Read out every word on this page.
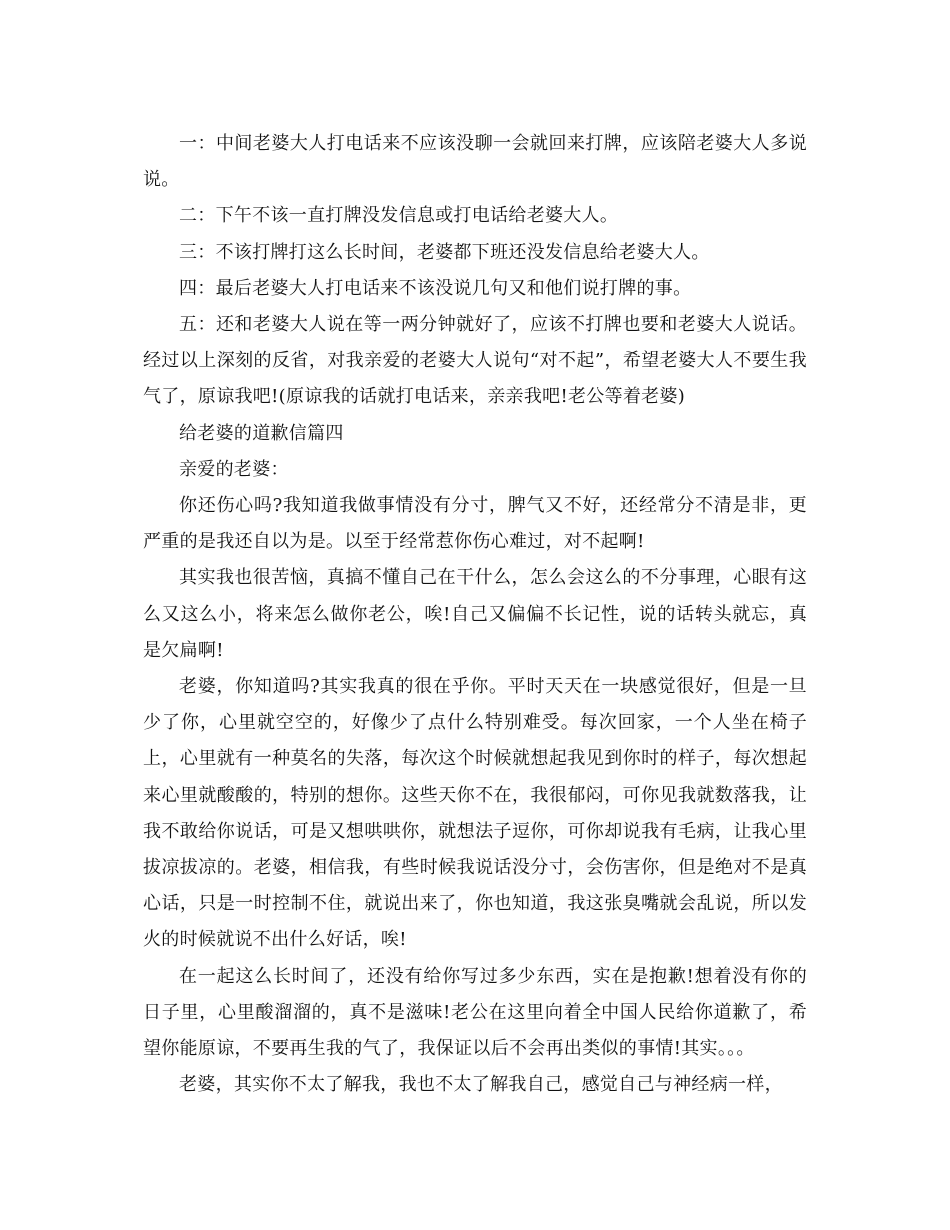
一：中间老婆大人打电话来不应该没聊一会就回来打牌，应该陪老婆大人多说说。

二：下午不该一直打牌没发信息或打电话给老婆大人。

三：不该打牌打这么长时间，老婆都下班还没发信息给老婆大人。

四：最后老婆大人打电话来不该没说几句又和他们说打牌的事。

五：还和老婆大人说在等一两分钟就好了，应该不打牌也要和老婆大人说话。经过以上深刻的反省，对我亲爱的老婆大人说句“对不起”，希望老婆大人不要生我气了，原谅我吧!(原谅我的话就打电话来，亲亲我吧!老公等着老婆)

给老婆的道歉信篇四

亲爱的老婆：

你还伤心吗?我知道我做事情没有分寸，脾气又不好，还经常分不清是非，更严重的是我还自以为是。以至于经常惹你伤心难过，对不起啊!

其实我也很苦恼，真搞不懂自己在干什么，怎么会这么的不分事理，心眼有这么又这么小，将来怎么做你老公，唉!自己又偏偏不长记性，说的话转头就忘，真是欠扁啊!

老婆，你知道吗?其实我真的很在乎你。平时天天在一块感觉很好，但是一旦少了你，心里就空空的，好像少了点什么特别难受。每次回家，一个人坐在椅子上，心里就有一种莫名的失落，每次这个时候就想起我见到你时的样子，每次想起来心里就酸酸的，特别的想你。这些天你不在，我很郁闷，可你见我就数落我，让我不敢给你说话，可是又想哄哄你，就想法子逗你，可你却说我有毛病，让我心里拔凉拔凉的。老婆，相信我，有些时候我说话没分寸，会伤害你，但是绝对不是真心话，只是一时控制不住，就说出来了，你也知道，我这张臭嘴就会乱说，所以发火的时候就说不出什么好话，唉!

在一起这么长时间了，还没有给你写过多少东西，实在是抱歉!想着没有你的日子里，心里酸溜溜的，真不是滋味!老公在这里向着全中国人民给你道歉了，希望你能原谅，不要再生我的气了，我保证以后不会再出类似的事情!其实。。。

老婆，其实你不太了解我，我也不太了解我自己，感觉自己与神经病一样，
